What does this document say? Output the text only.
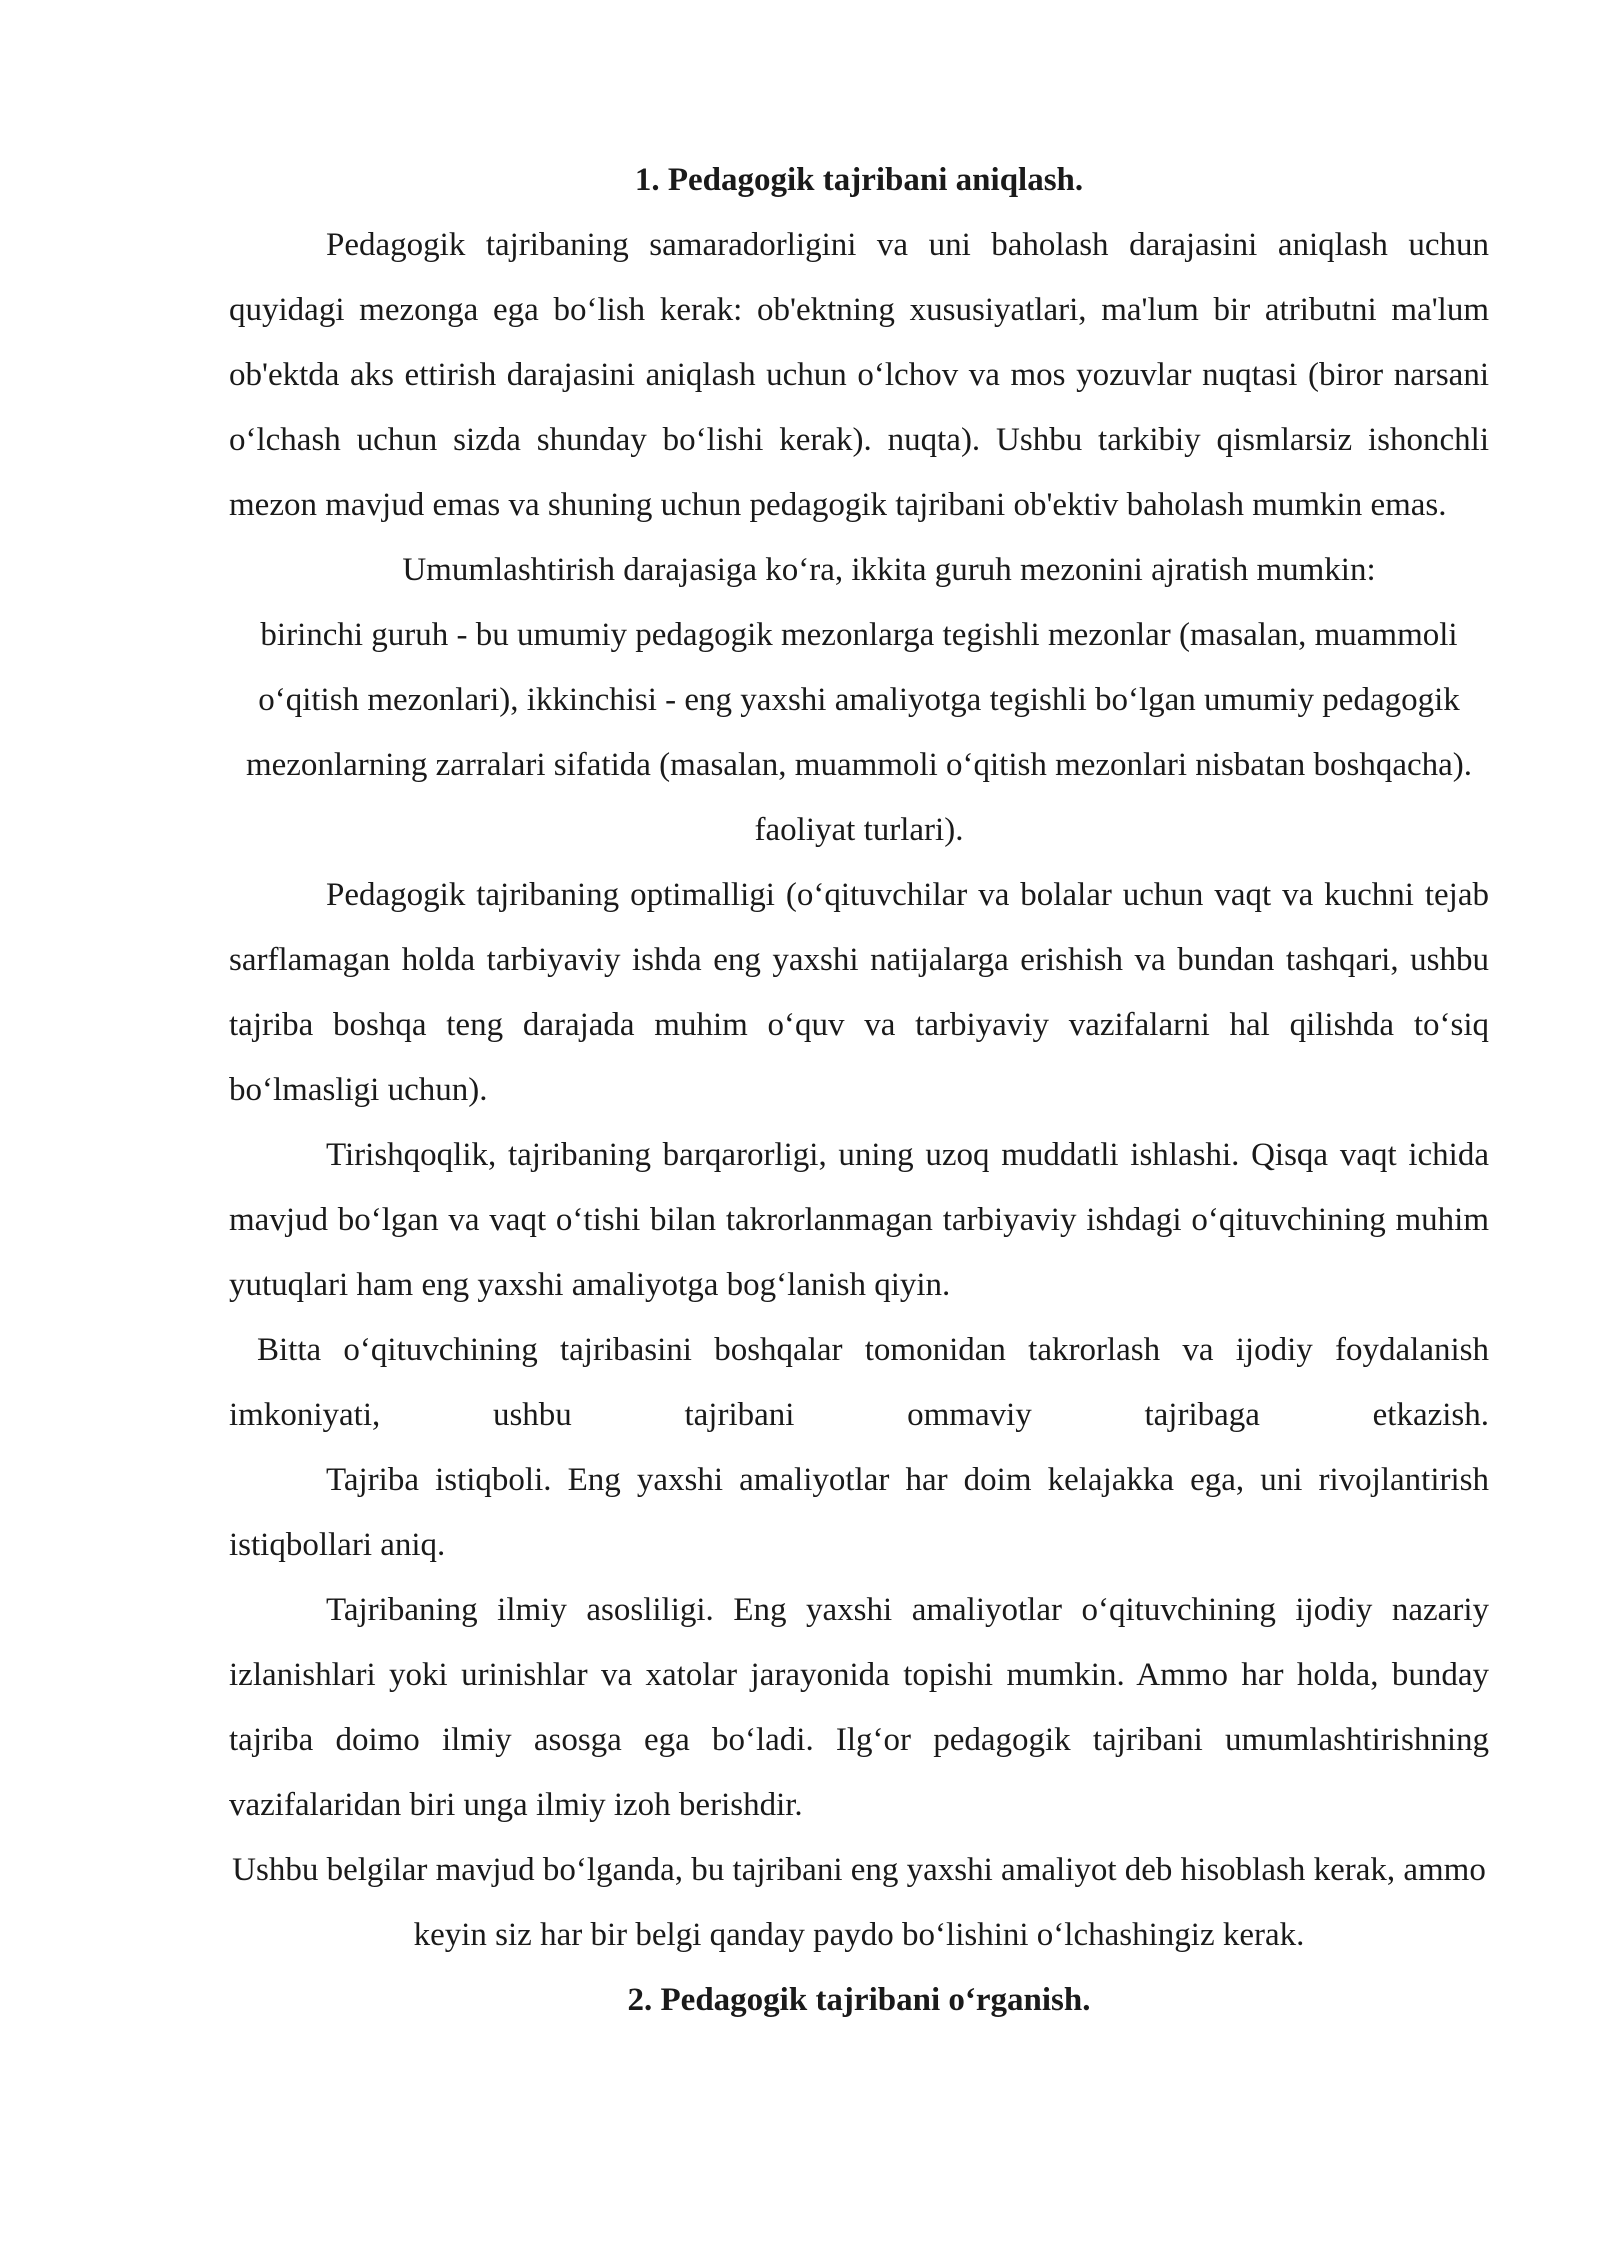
1. Pedagogik tajribani aniqlash.

Pedagogik tajribaning samaradorligini va uni baholash darajasini aniqlash uchun quyidagi mezonga ega bo‘lish kerak: ob'ektning xususiyatlari, ma'lum bir atributni ma'lum ob'ektda aks ettirish darajasini aniqlash uchun o‘lchov va mos yozuvlar nuqtasi (biror narsani o‘lchash uchun sizda shunday bo‘lishi kerak). nuqta). Ushbu tarkibiy qismlarsiz ishonchli mezon mavjud emas va shuning uchun pedagogik tajribani ob'ektiv baholash mumkin emas.

Umumlashtirish darajasiga ko‘ra, ikkita guruh mezonini ajratish mumkin:

birinchi guruh - bu umumiy pedagogik mezonlarga tegishli mezonlar (masalan, muammoli o‘qitish mezonlari), ikkinchisi - eng yaxshi amaliyotga tegishli bo‘lgan umumiy pedagogik mezonlarning zarralari sifatida (masalan, muammoli o‘qitish mezonlari nisbatan boshqacha). faoliyat turlari).

Pedagogik tajribaning optimalligi (o‘qituvchilar va bolalar uchun vaqt va kuchni tejab sarflamagan holda tarbiyaviy ishda eng yaxshi natijalarga erishish va bundan tashqari, ushbu tajriba boshqa teng darajada muhim o‘quv va tarbiyaviy vazifalarni hal qilishda to‘siq bo‘lmasligi uchun).

Tirishqoqlik, tajribaning barqarorligi, uning uzoq muddatli ishlashi. Qisqa vaqt ichida mavjud bo‘lgan va vaqt o‘tishi bilan takrorlanmagan tarbiyaviy ishdagi o‘qituvchining muhim yutuqlari ham eng yaxshi amaliyotga bog‘lanish qiyin.

Bitta o‘qituvchining tajribasini boshqalar tomonidan takrorlash va ijodiy foydalanish imkoniyati, ushbu tajribani ommaviy tajribaga etkazish.

Tajriba istiqboli. Eng yaxshi amaliyotlar har doim kelajakka ega, uni rivojlantirish istiqbollari aniq.

Tajribaning ilmiy asosliligi. Eng yaxshi amaliyotlar o‘qituvchining ijodiy nazariy izlanishlari yoki urinishlar va xatolar jarayonida topishi mumkin. Ammo har holda, bunday tajriba doimo ilmiy asosga ega bo‘ladi. Ilg‘or pedagogik tajribani umumlashtirishning vazifalaridan biri unga ilmiy izoh berishdir.

Ushbu belgilar mavjud bo‘lganda, bu tajribani eng yaxshi amaliyot deb hisoblash kerak, ammo keyin siz har bir belgi qanday paydo bo‘lishini o‘lchashingiz kerak.

2. Pedagogik tajribani o‘rganish.
